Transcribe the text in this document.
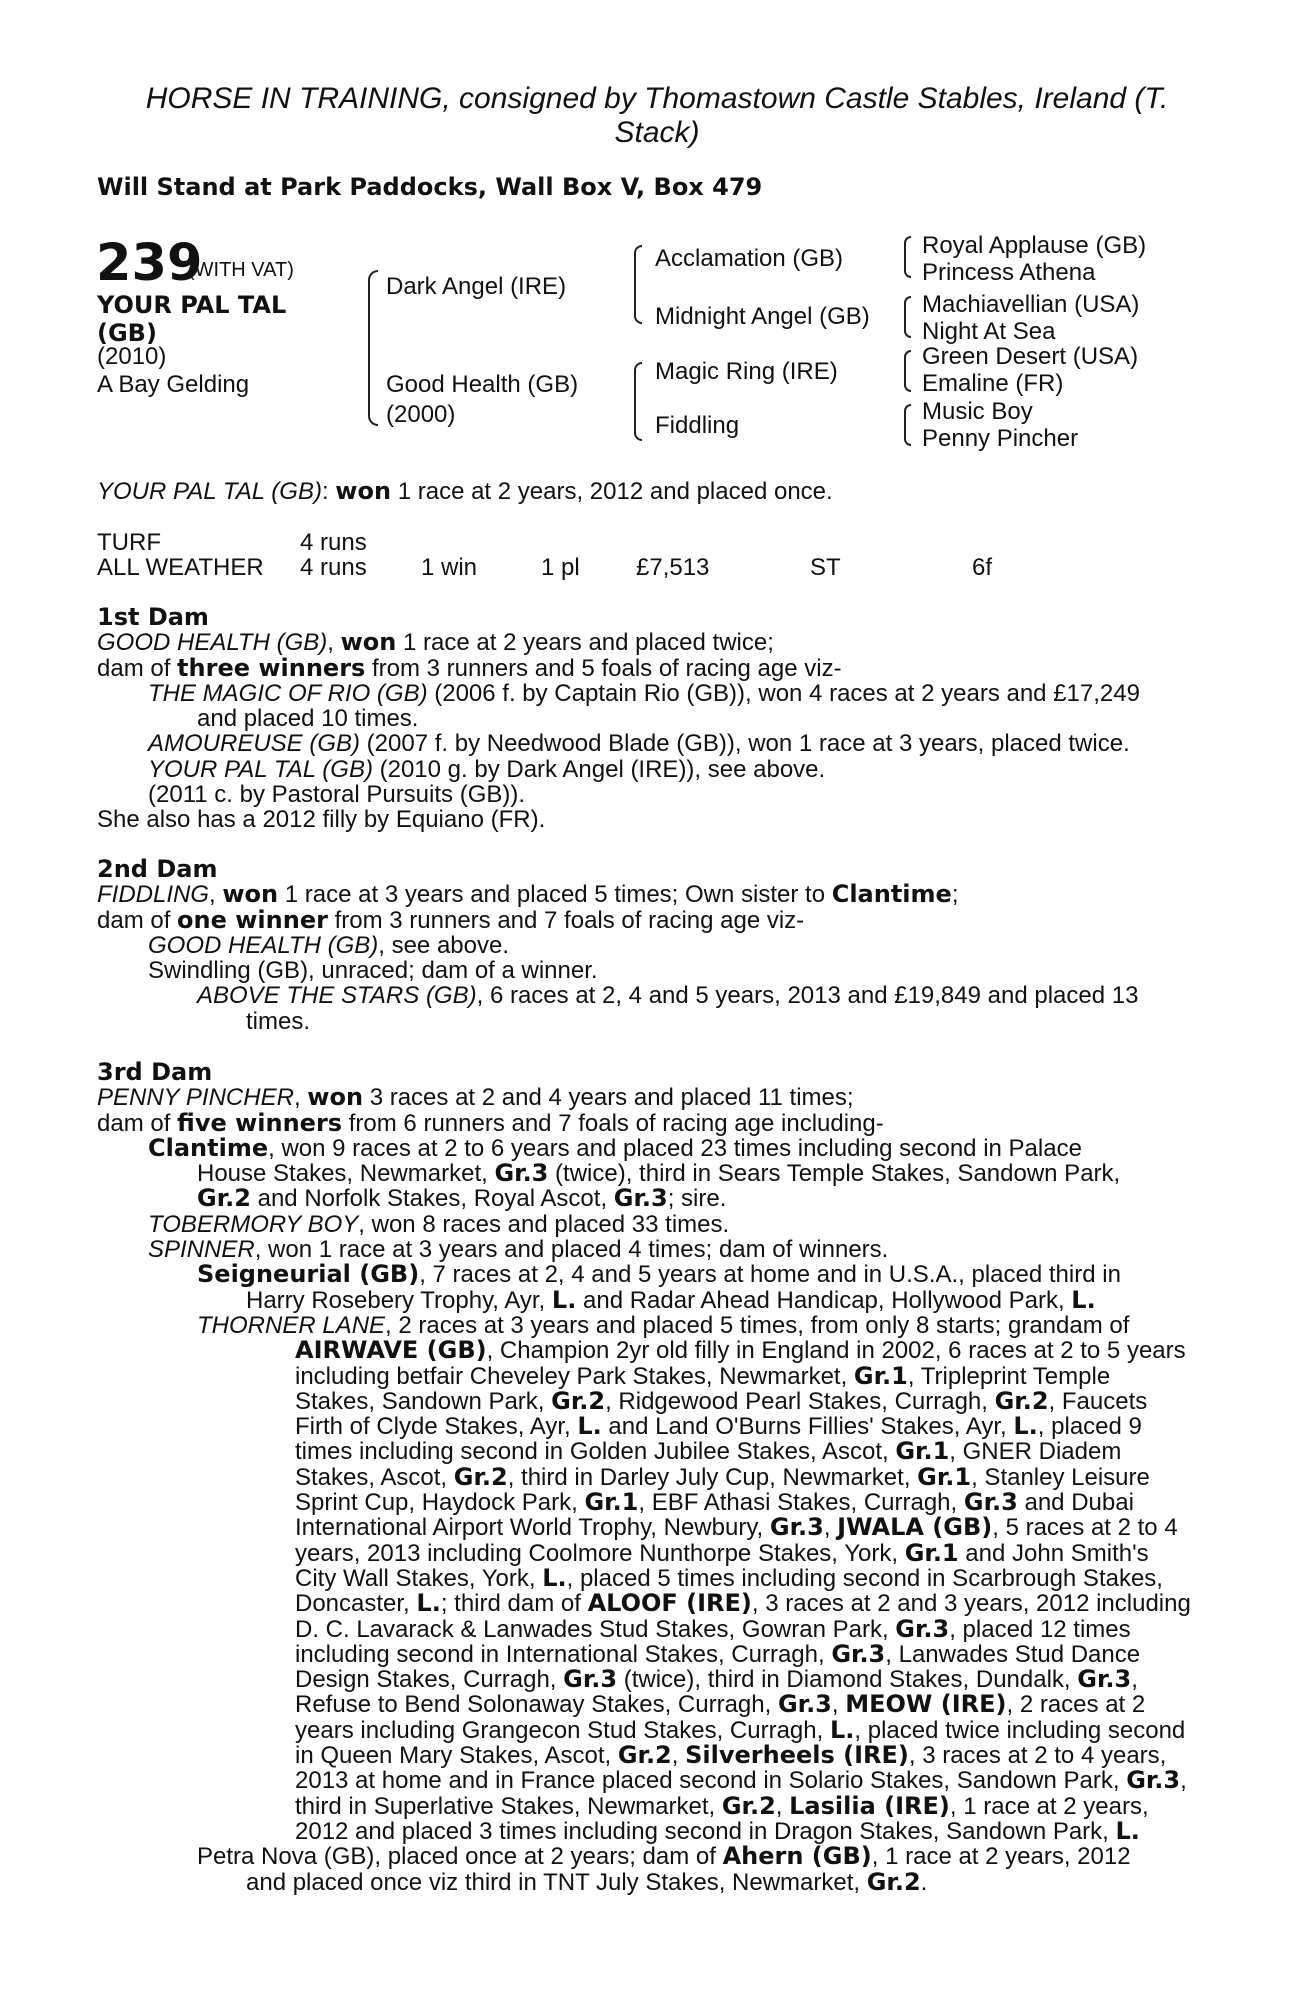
HORSE IN TRAINING, consigned by Thomastown Castle Stables, Ireland (T. Stack)
Will Stand at Park Paddocks, Wall Box V, Box 479
239
(WITH VAT)
YOUR PAL TAL (GB)
(2010)
A Bay Gelding
Dark Angel (IRE)
Good Health (GB)
(2000)
Acclamation (GB)
Midnight Angel (GB)
Magic Ring (IRE)
Fiddling
Royal Applause (GB)
Princess Athena
Machiavellian (USA)
Night At Sea
Green Desert (USA)
Emaline (FR)
Music Boy
Penny Pincher
YOUR PAL TAL (GB): won 1 race at 2 years, 2012 and placed once.
TURF	4 runs
ALL WEATHER 4 runs 1 win	1 pl £7,513	ST	6f

1st Dam

GOOD HEALTH (GB), won 1 race at 2 years and placed twice;

dam of three winners from 3 runners and 5 foals of racing age viz-

THE MAGIC OF RIO (GB) (2006 f. by Captain Rio (GB)), won 4 races at 2 years and £17,249

and placed 10 times.

AMOUREUSE (GB) (2007 f. by Needwood Blade (GB)), won 1 race at 3 years, placed twice.

YOUR PAL TAL (GB) (2010 g. by Dark Angel (IRE)), see above.

(2011 c. by Pastoral Pursuits (GB)).

She also has a 2012 filly by Equiano (FR).

2nd Dam

FIDDLING, won 1 race at 3 years and placed 5 times; Own sister to Clantime;

dam of one winner from 3 runners and 7 foals of racing age viz-

GOOD HEALTH (GB), see above.

Swindling (GB), unraced; dam of a winner.

ABOVE THE STARS (GB), 6 races at 2, 4 and 5 years, 2013 and £19,849 and placed 13

times.

3rd Dam

PENNY PINCHER, won 3 races at 2 and 4 years and placed 11 times;

dam of five winners from 6 runners and 7 foals of racing age including-

Clantime, won 9 races at 2 to 6 years and placed 23 times including second in Palace

House Stakes, Newmarket, Gr.3 (twice), third in Sears Temple Stakes, Sandown Park,

Gr.2 and Norfolk Stakes, Royal Ascot, Gr.3; sire.

TOBERMORY BOY, won 8 races and placed 33 times.

SPINNER, won 1 race at 3 years and placed 4 times; dam of winners.

Seigneurial (GB), 7 races at 2, 4 and 5 years at home and in U.S.A., placed third in

Harry Rosebery Trophy, Ayr, L. and Radar Ahead Handicap, Hollywood Park, L.

THORNER LANE, 2 races at 3 years and placed 5 times, from only 8 starts; grandam of

AIRWAVE (GB), Champion 2yr old filly in England in 2002, 6 races at 2 to 5 years

including betfair Cheveley Park Stakes, Newmarket, Gr.1, Tripleprint Temple

Stakes, Sandown Park, Gr.2, Ridgewood Pearl Stakes, Curragh, Gr.2, Faucets

Firth of Clyde Stakes, Ayr, L. and Land O'Burns Fillies' Stakes, Ayr, L., placed 9

times including second in Golden Jubilee Stakes, Ascot, Gr.1, GNER Diadem

Stakes, Ascot, Gr.2, third in Darley July Cup, Newmarket, Gr.1, Stanley Leisure

Sprint Cup, Haydock Park, Gr.1, EBF Athasi Stakes, Curragh, Gr.3 and Dubai

International Airport World Trophy, Newbury, Gr.3, JWALA (GB), 5 races at 2 to 4

years, 2013 including Coolmore Nunthorpe Stakes, York, Gr.1 and John Smith's

City Wall Stakes, York, L., placed 5 times including second in Scarbrough Stakes,

Doncaster, L.; third dam of ALOOF (IRE), 3 races at 2 and 3 years, 2012 including

D. C. Lavarack & Lanwades Stud Stakes, Gowran Park, Gr.3, placed 12 times

including second in International Stakes, Curragh, Gr.3, Lanwades Stud Dance

Design Stakes, Curragh, Gr.3 (twice), third in Diamond Stakes, Dundalk, Gr.3,

Refuse to Bend Solonaway Stakes, Curragh, Gr.3, MEOW (IRE), 2 races at 2

years including Grangecon Stud Stakes, Curragh, L., placed twice including second

in Queen Mary Stakes, Ascot, Gr.2, Silverheels (IRE), 3 races at 2 to 4 years,

2013 at home and in France placed second in Solario Stakes, Sandown Park, Gr.3,

third in Superlative Stakes, Newmarket, Gr.2, Lasilia (IRE), 1 race at 2 years,

2012 and placed 3 times including second in Dragon Stakes, Sandown Park, L.

Petra Nova (GB), placed once at 2 years; dam of Ahern (GB), 1 race at 2 years, 2012

and placed once viz third in TNT July Stakes, Newmarket, Gr.2.
